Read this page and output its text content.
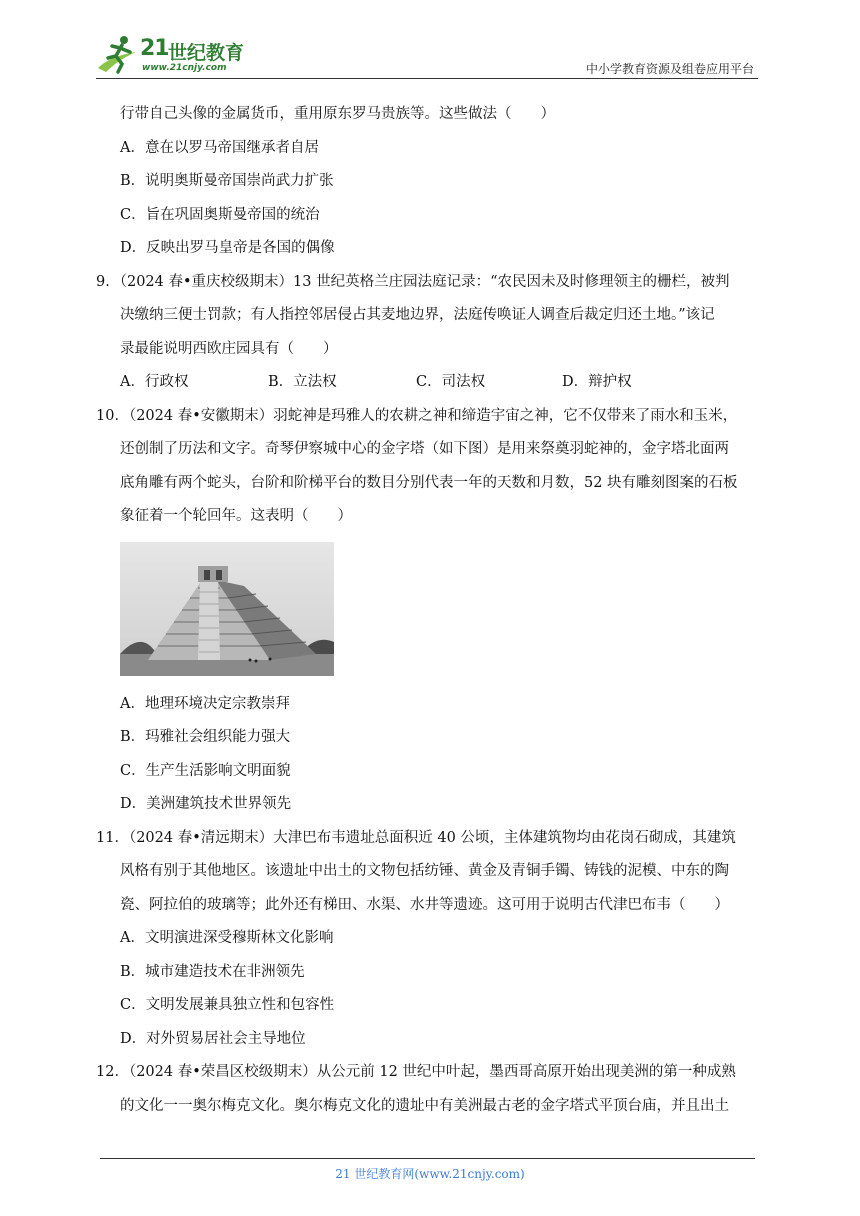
21 世纪教育
www.21cnjy.com	中小学教育资源及组卷应用平台
行带自己头像的金属货币，重用原东罗马贵族等。这些做法（　　）
A．意在以罗马帝国继承者自居
B．说明奥斯曼帝国崇尚武力扩张
C．旨在巩固奥斯曼帝国的统治
D．反映出罗马皇帝是各国的偶像
9．（2024 春•重庆校级期末）13 世纪英格兰庄园法庭记录：“农民因未及时修理领主的栅栏，被判
决缴纳三便士罚款；有人指控邻居侵占其麦地边界，法庭传唤证人调查后裁定归还土地。”该记
录最能说明西欧庄园具有（　　）
A．行政权	B．立法权	C．司法权	D．辩护权
10．（2024 春•安徽期末）羽蛇神是玛雅人的农耕之神和缔造宇宙之神，它不仅带来了雨水和玉米，
还创制了历法和文字。奇琴伊察城中心的金字塔（如下图）是用来祭奠羽蛇神的，金字塔北面两
底角雕有两个蛇头，台阶和阶梯平台的数目分别代表一年的天数和月数，52 块有雕刻图案的石板
象征着一个轮回年。这表明（　　）
A．地理环境决定宗教崇拜
B．玛雅社会组织能力强大
C．生产生活影响文明面貌
D．美洲建筑技术世界领先
11．（2024 春•清远期末）大津巴布韦遗址总面积近 40 公顷，主体建筑物均由花岗石砌成，其建筑
风格有别于其他地区。该遗址中出土的文物包括纺锤、黄金及青铜手镯、铸钱的泥模、中东的陶
瓷、阿拉伯的玻璃等；此外还有梯田、水渠、水井等遗迹。这可用于说明古代津巴布韦（　　）
A．文明演进深受穆斯林文化影响
B．城市建造技术在非洲领先
C．文明发展兼具独立性和包容性
D．对外贸易居社会主导地位
12．（2024 春•荣昌区校级期末）从公元前 12 世纪中叶起，墨西哥高原开始出现美洲的第一种成熟
的文化一一奥尔梅克文化。奥尔梅克文化的遗址中有美洲最古老的金字塔式平顶台庙，并且出土
21 世纪教育网(www.21cnjy.com)
